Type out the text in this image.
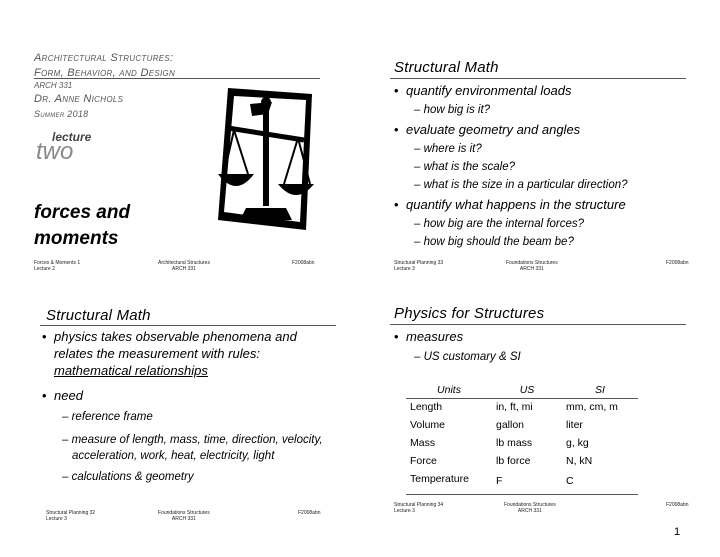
Architectural Structures:
Form, Behavior, and Design
ARCH 331
Dr. Anne Nichols
Summer 2018
lecture
two
forces and
moments
Forces & Moments 1
Lecture 2
Architectural Structures
ARCH 331
F2008abn
Structural Math
• quantify environmental loads
– how big is it?
• evaluate geometry and angles
– where is it?
– what is the scale?
– what is the size in a particular direction?
• quantify what happens in the structure
– how big are the internal forces?
– how big should the beam be?
Structural Planning 33
Lecture 3
Foundations Structures
ARCH 331
F2008abn
Structural Math
• physics takes observable phenomena and relates the measurement with rules: mathematical relationships
• need
– reference frame
– measure of length, mass, time, direction, velocity, acceleration, work, heat, electricity, light
– calculations & geometry
Structural Planning 32
Lecture 3
Foundations Structures
ARCH 331
F2008abn
Physics for Structures
• measures
– US customary & SI
Units	US	SI
Length	in, ft, mi	mm, cm, m
Volume	gallon	liter
Mass	lb mass	g, kg
Force	lb force	N, kN
Temperature	F	C
Structural Planning 34
Lecture 3
Foundations Structures
ARCH 331
F2008abn
1
